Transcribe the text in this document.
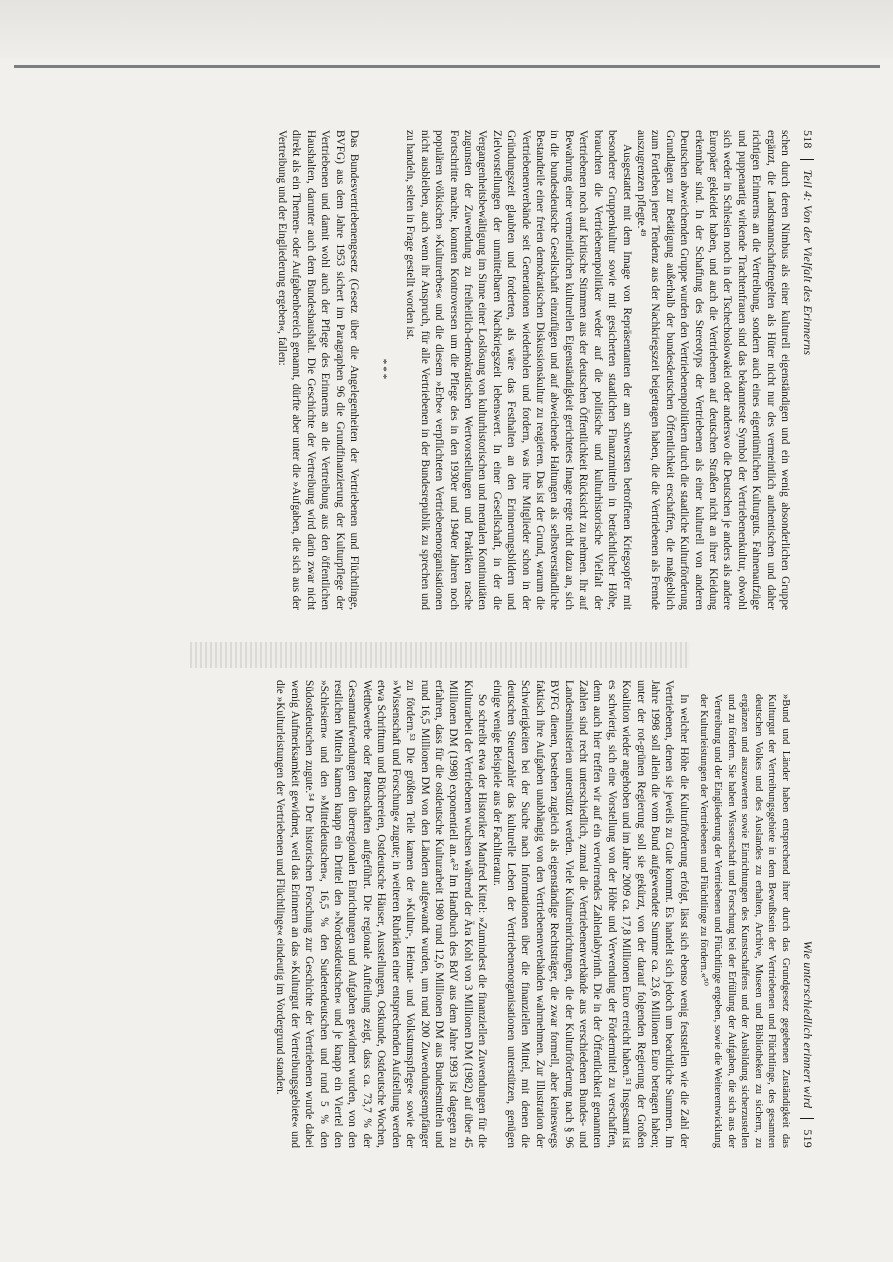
518
Teil 4: Von der Vielfalt des Erinnerns

schen durch deren Nimbus als einer kulturell eigenständigen und ein wenig absonderlichen Gruppe ergänzt, die Landsmannschaftengelten als Hüter nicht nur des vermeintlich authentischen und daher richtigen Erinnerns an die Vertreibung, sondern auch eines eigentümlichen Kulturguts. Fahnenaufzüge und puppenartig wirkende Trachtenfrauen sind das bekannteste Symbol der Vertriebenenkultur, obwohl sich weder in Schlesien noch in der Tschechoslowakei oder anderswo die Deutschen je anders als andere Europäer gekleidet haben, und auch die Vertriebenen auf deutschen Straßen nicht an ihrer Kleidung erkennbar sind. In der Schaffung des Stereotyps der Vertriebenen als einer kulturell von anderen Deutschen abweichenden Gruppe wurden den Vertriebenenpolitikern durch die staatliche Kulturförderung Grundlagen zur Betätigung außerhalb der bundesdeutschen Öffentlichkeit erschaffen, die maßgeblich zum Fortleben jener Tendenz aus der Nachkriegszeit beigetragen haben, die die Vertriebenen als Fremde auszugrenzen pflegte.⁴⁹

Ausgestattet mit dem Image von Repräsentanten der am schwersten betroffenen Kriegsopfer mit besonderer Gruppenkultur sowie mit gesicherten staatlichen Finanzmitteln in beträchtlicher Höhe, brauchten die Vertriebenenpolitiker weder auf die politische und kulturhistorische Vielfalt der Vertriebenen noch auf kritische Stimmen aus der deutschen Öffentlichkeit Rücksicht zu nehmen. Ihr auf Bewahrung einer vermeintlichen kulturellen Eigenständigkeit gerichtetes Image regte nicht dazu an, sich in die bundesdeutsche Gesellschaft einzufügen und auf abweichende Haltungen als selbstverständliche Bestandteile einer freien demokratischen Diskussionskultur zu reagieren. Das ist der Grund, warum die Vertriebenenverbände seit Generationen wiederholen und fordern, was ihre Mitglieder schon in der Gründungszeit glaubten und forderten, als wäre das Festhalten an den Erinnerungsbildern und Zielvorstellungen der unmittelbaren Nachkriegszeit lebenswert. In einer Gesellschaft, in der die Vergangenheitsbewältigung im Sinne einer Loslösung von kulturhistorischen und mentalen Kontinuitäten zugunsten der Zuwendung zu freiheitlich-demokratischen Wertvorstellungen und Praktiken rasche Fortschritte machte, konnten Kontroversen um die Pflege des in den 1930er und 1940er Jahren noch populären völkischen »Kulturerbes« und die diesem »Erbe« verpflichteten Vertriebenenorganisationen nicht ausbleiben, auch wenn ihr Anspruch, für alle Vertriebenen in der Bundesrepublik zu sprechen und zu handeln, selten in Frage gestellt worden ist.

***

Das Bundesvertriebenengesetz (Gesetz über die Angelegenheiten der Vertriebenen und Flüchtlinge, BVFG) aus dem Jahre 1953 sichert im Paragraphen 96 die Grundfinanzierung der Kulturpflege der Vertriebenen und damit wohl auch der Pflege des Erinnerns an die Vertreibung aus den öffentlichen Haushalten, darunter auch dem Bundeshaushalt. Die Geschichte der Vertreibung wird darin zwar nicht direkt als ein Themen- oder Aufgabenbereich genannt, dürfte aber unter die »Aufgaben, die sich aus der Vertreibung und der Eingliederung ergeben«, fallen:

Wie unterschiedlich erinnert wird
519

»Bund und Länder haben entsprechend ihrer durch das Grundgesetz gegebenen Zuständigkeit das Kulturgut der Vertreibungsgebiete in dem Bewußtsein der Vertriebenen und Flüchtlinge, des gesamten deutschen Volkes und des Auslandes zu erhalten, Archive, Museen und Bibliotheken zu sichern, zu ergänzen und auszuwerten sowie Einrichtungen des Kunstschaffens und der Ausbildung sicherzustellen und zu fördern. Sie haben Wissenschaft und Forschung bei der Erfüllung der Aufgaben, die sich aus der Vertreibung und der Eingliederung der Vertriebenen und Flüchtlinge ergeben, sowie die Weiterentwicklung der Kulturleistungen der Vertriebenen und Flüchtlinge zu fördern.«⁵⁰

In welcher Höhe die Kulturförderung erfolgt, lässt sich ebenso wenig feststellen wie die Zahl der Vertriebenen, denen sie jeweils zu Gute kommt. Es handelt sich jedoch um beachtliche Summen. Im Jahre 1998 soll allein die vom Bund aufgewendete Summe ca. 23,6 Millionen Euro betragen haben; unter der rot-grünen Regierung soll sie gekürzt, von der darauf folgenden Regierung der Großen Koalition wieder angehoben und im Jahre 2009 ca. 17,8 Millionen Euro erreicht haben.⁵¹ Insgesamt ist es schwierig, sich eine Vorstellung von der Höhe und Verwendung der Fördermittel zu verschaffen, denn auch hier treffen wir auf ein verwirrendes Zahlenlabyrinth. Die in der Öffentlichkeit genannten Zahlen sind recht unterschiedlich, zumal die Vertriebenenverbände aus verschiedenen Bundes- und Landesministerien unterstützt werden. Viele Kultureinrichtungen, die der Kulturförderung nach § 96 BVFG dienen, bestehen zugleich als eigenständige Rechtsträger, die zwar formell, aber keineswegs faktisch ihre Aufgaben unabhängig von den Vertriebenenverbänden wahrnehmen. Zur Illustration der Schwierigkeiten bei der Suche nach Informationen über die finanziellen Mittel, mit denen die deutschen Steuerzahler das kulturelle Leben der Vertriebenenorganisationen unterstützen, genügen einige wenige Beispiele aus der Fachliteratur.

So schreibt etwa der Historiker Manfred Kittel: »Zumindest die finanziellen Zuwendungen für die Kulturarbeit der Vertriebenen wuchsen während der Ära Kohl von 3 Millionen DM (1982) auf über 45 Millionen DM (1998) exponentiell an.«⁵² Im Handbuch des BdV aus dem Jahre 1993 ist dagegen zu erfahren, dass für die ostdeutsche Kulturarbeit 1980 rund 12,6 Millionen DM aus Bundesmitteln und rund 16,5 Millionen DM von den Ländern aufgewandt wurden, um rund 200 Zuwendungsempfänger zu fördern.⁵³ Die größten Teile kamen der »Kultur-, Heimat- und Volkstumspflege« sowie der »Wissenschaft und Forschung« zugute; in weiteren Rubriken einer entsprechenden Aufstellung werden etwa Schrifttum und Büchereien, Ostdeutsche Häuser, Ausstellungen, Ostkunde, Ostdeutsche Wochen, Wettbewerbe oder Patenschaften aufgeführt. Die regionale Aufteilung zeigt, dass ca. 73,7 % der Gesamtaufwendungen den überregionalen Einrichtungen und Aufgaben gewidmet wurden, von den restlichen Mitteln kamen knapp ein Drittel den »Nordostdeutschen« und je knapp ein Viertel den »Schlesiern« und den »Mitteldeutschen«, 16,5 % den Sudetendeutschen und rund 5 % den Südostdeutschen zugute.⁵⁴ Der historischen Forschung zur Geschichte der Vertriebenen wurde dabei wenig Aufmerksamkeit gewidmet, weil das Erinnern an das »Kulturgut der Vertreibungsgebiete« und die »Kulturleistungen der Vertriebenen und Flüchtlinge« eindeutig im Vordergrund standen.
